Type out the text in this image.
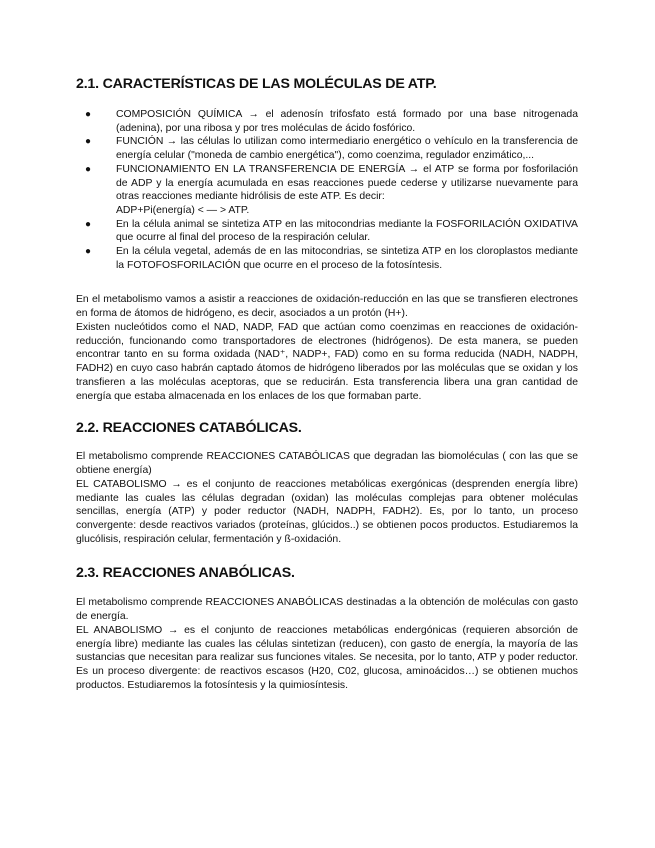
2.1. CARACTERÍSTICAS DE LAS MOLÉCULAS DE ATP.
● COMPOSICIÓN QUÍMICA → el adenosín trifosfato está formado por una base nitrogenada (adenina), por una ribosa y por tres moléculas de ácido fosfórico.
● FUNCIÓN → las células lo utilizan como intermediario energético o vehículo en la transferencia de energía celular ("moneda de cambio energética"), como coenzima, regulador enzimático,...
● FUNCIONAMIENTO EN LA TRANSFERENCIA DE ENERGÍA → el ATP se forma por fosforilación de ADP y la energía acumulada en esas reacciones puede cederse y utilizarse nuevamente para otras reacciones mediante hidrólisis de este ATP. Es decir:
ADP+Pi(energía) < — > ATP.
● En la célula animal se sintetiza ATP en las mitocondrias mediante la FOSFORILACIÓN OXIDATIVA que ocurre al final del proceso de la respiración celular.
● En la célula vegetal, además de en las mitocondrias, se sintetiza ATP en los cloroplastos mediante la FOTOFOSFORILACIÓN que ocurre en el proceso de la fotosíntesis.

En el metabolismo vamos a asistir a reacciones de oxidación-reducción en las que se transfieren electrones en forma de átomos de hidrógeno, es decir, asociados a un protón (H+).

Existen nucleótidos como el NAD, NADP, FAD que actúan como coenzimas en reacciones de oxidación-reducción, funcionando como transportadores de electrones (hidrógenos). De esta manera, se pueden encontrar tanto en su forma oxidada (NAD⁺, NADP+, FAD) como en su forma reducida (NADH, NADPH, FADH2) en cuyo caso habrán captado átomos de hidrógeno liberados por las moléculas que se oxidan y los transfieren a las moléculas aceptoras, que se reducirán. Esta transferencia libera una gran cantidad de energía que estaba almacenada en los enlaces de los que formaban parte.

2.2. REACCIONES CATABÓLICAS.

El metabolismo comprende REACCIONES CATABÓLICAS que degradan las biomoléculas ( con las que se obtiene energía)

EL CATABOLISMO → es el conjunto de reacciones metabólicas exergónicas (desprenden energía libre) mediante las cuales las células degradan (oxidan) las moléculas complejas para obtener moléculas sencillas, energía (ATP) y poder reductor (NADH, NADPH, FADH2). Es, por lo tanto, un proceso convergente: desde reactivos variados (proteínas, glúcidos..) se obtienen pocos productos. Estudiaremos la glucólisis, respiración celular, fermentación y ß-oxidación.

2.3. REACCIONES ANABÓLICAS.

El metabolismo comprende REACCIONES ANABÓLICAS destinadas a la obtención de moléculas con gasto de energía.

EL ANABOLISMO → es el conjunto de reacciones metabólicas endergónicas (requieren absorción de energía libre) mediante las cuales las células sintetizan (reducen), con gasto de energía, la mayoría de las sustancias que necesitan para realizar sus funciones vitales. Se necesita, por lo tanto, ATP y poder reductor. Es un proceso divergente: de reactivos escasos (H20, C02, glucosa, aminoácidos…) se obtienen muchos productos. Estudiaremos la fotosíntesis y la quimiosíntesis.
